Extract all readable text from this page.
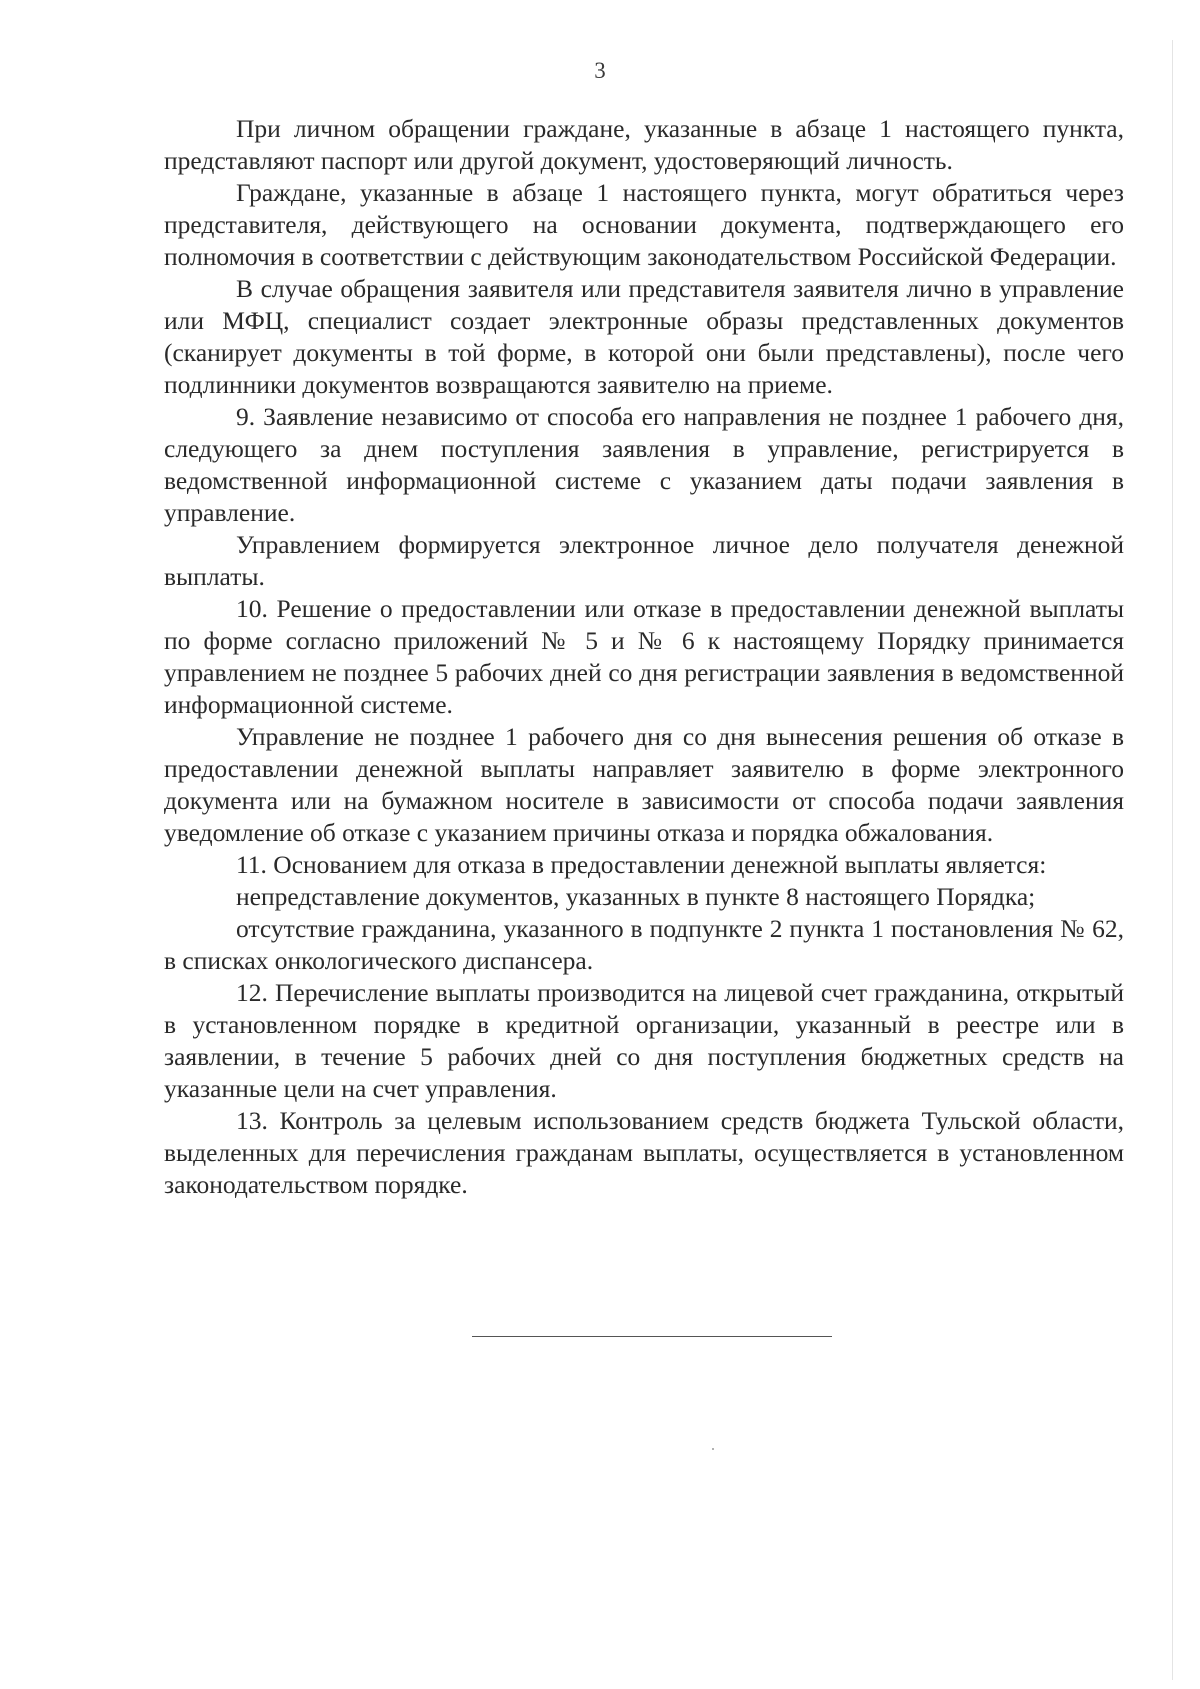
3

При личном обращении граждане, указанные в абзаце 1 настоящего пункта, представляют паспорт или другой документ, удостоверяющий личность.

Граждане, указанные в абзаце 1 настоящего пункта, могут обратиться через представителя, действующего на основании документа, подтверждающего его полномочия в соответствии с действующим законодательством Российской Федерации.

В случае обращения заявителя или представителя заявителя лично в управление или МФЦ, специалист создает электронные образы представленных документов (сканирует документы в той форме, в которой они были представлены), после чего подлинники документов возвращаются заявителю на приеме.

9. Заявление независимо от способа его направления не позднее 1 рабочего дня, следующего за днем поступления заявления в управление, регистрируется в ведомственной информационной системе с указанием даты подачи заявления в управление.

Управлением формируется электронное личное дело получателя денежной выплаты.

10. Решение о предоставлении или отказе в предоставлении денежной выплаты по форме согласно приложений № 5 и № 6 к настоящему Порядку принимается управлением не позднее 5 рабочих дней со дня регистрации заявления в ведомственной информационной системе.

Управление не позднее 1 рабочего дня со дня вынесения решения об отказе в предоставлении денежной выплаты направляет заявителю в форме электронного документа или на бумажном носителе в зависимости от способа подачи заявления уведомление об отказе с указанием причины отказа и порядка обжалования.

11. Основанием для отказа в предоставлении денежной выплаты является:

непредставление документов, указанных в пункте 8 настоящего Порядка;

отсутствие гражданина, указанного в подпункте 2 пункта 1 постановления № 62, в списках онкологического диспансера.

12. Перечисление выплаты производится на лицевой счет гражданина, открытый в установленном порядке в кредитной организации, указанный в реестре или в заявлении, в течение 5 рабочих дней со дня поступления бюджетных средств на указанные цели на счет управления.

13. Контроль за целевым использованием средств бюджета Тульской области, выделенных для перечисления гражданам выплаты, осуществляется в установленном законодательством порядке.
